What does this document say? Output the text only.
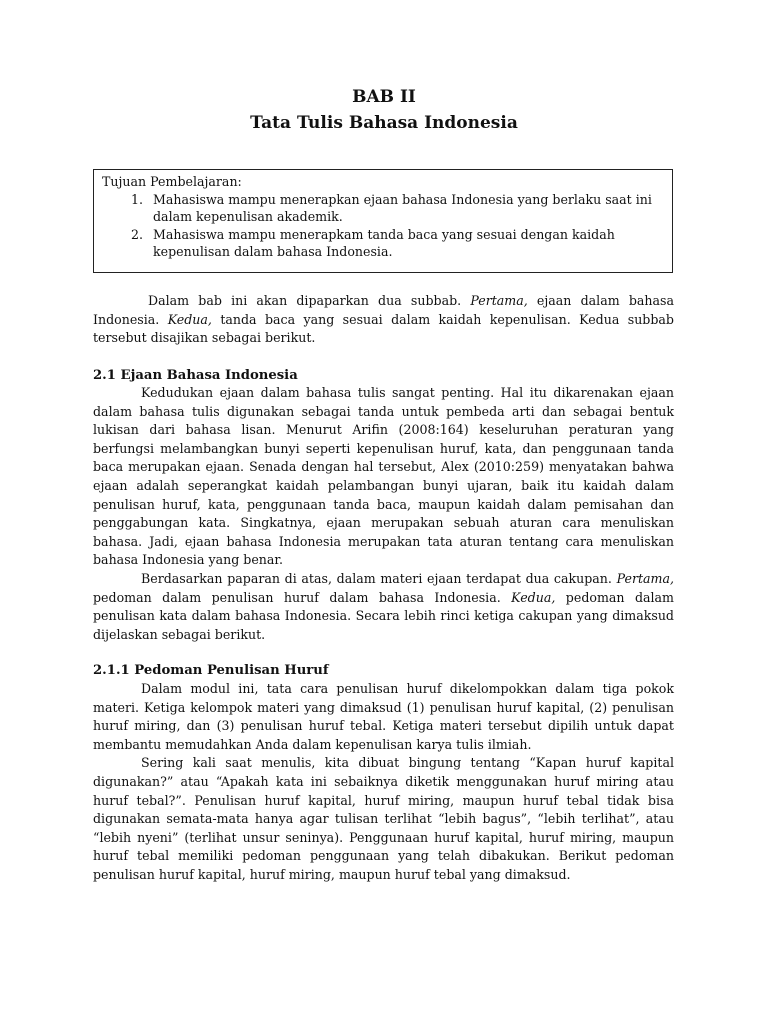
BAB II
Tata Tulis Bahasa Indonesia
Tujuan Pembelajaran:
1. Mahasiswa mampu menerapkan ejaan bahasa Indonesia yang berlaku saat ini dalam kepenulisan akademik.
2. Mahasiswa mampu menerapkam tanda baca yang sesuai dengan kaidah kepenulisan dalam bahasa Indonesia.

Dalam bab ini akan dipaparkan dua subbab. Pertama, ejaan dalam bahasa Indonesia. Kedua, tanda baca yang sesuai dalam kaidah kepenulisan. Kedua subbab tersebut disajikan sebagai berikut.

2.1 Ejaan Bahasa Indonesia

Kedudukan ejaan dalam bahasa tulis sangat penting. Hal itu dikarenakan ejaan dalam bahasa tulis digunakan sebagai tanda untuk pembeda arti dan sebagai bentuk lukisan dari bahasa lisan. Menurut Arifin (2008:164) keseluruhan peraturan yang berfungsi melambangkan bunyi seperti kepenulisan huruf, kata, dan penggunaan tanda baca merupakan ejaan. Senada dengan hal tersebut, Alex (2010:259) menyatakan bahwa ejaan adalah seperangkat kaidah pelambangan bunyi ujaran, baik itu kaidah dalam penulisan huruf, kata, penggunaan tanda baca, maupun kaidah dalam pemisahan dan penggabungan kata. Singkatnya, ejaan merupakan sebuah aturan cara menuliskan bahasa. Jadi, ejaan bahasa Indonesia merupakan tata aturan tentang cara menuliskan bahasa Indonesia yang benar.

Berdasarkan paparan di atas, dalam materi ejaan terdapat dua cakupan. Pertama, pedoman dalam penulisan huruf dalam bahasa Indonesia. Kedua, pedoman dalam penulisan kata dalam bahasa Indonesia. Secara lebih rinci ketiga cakupan yang dimaksud dijelaskan sebagai berikut.

2.1.1 Pedoman Penulisan Huruf

Dalam modul ini, tata cara penulisan huruf dikelompokkan dalam tiga pokok materi. Ketiga kelompok materi yang dimaksud (1) penulisan huruf kapital, (2) penulisan huruf miring, dan (3) penulisan huruf tebal. Ketiga materi tersebut dipilih untuk dapat membantu memudahkan Anda dalam kepenulisan karya tulis ilmiah.

Sering kali saat menulis, kita dibuat bingung tentang “Kapan huruf kapital digunakan?” atau “Apakah kata ini sebaiknya diketik menggunakan huruf miring atau huruf tebal?”. Penulisan huruf kapital, huruf miring, maupun huruf tebal tidak bisa digunakan semata-mata hanya agar tulisan terlihat “lebih bagus”, “lebih terlihat”, atau “lebih nyeni” (terlihat unsur seninya). Penggunaan huruf kapital, huruf miring, maupun huruf tebal memiliki pedoman penggunaan yang telah dibakukan. Berikut pedoman penulisan huruf kapital, huruf miring, maupun huruf tebal yang dimaksud.
